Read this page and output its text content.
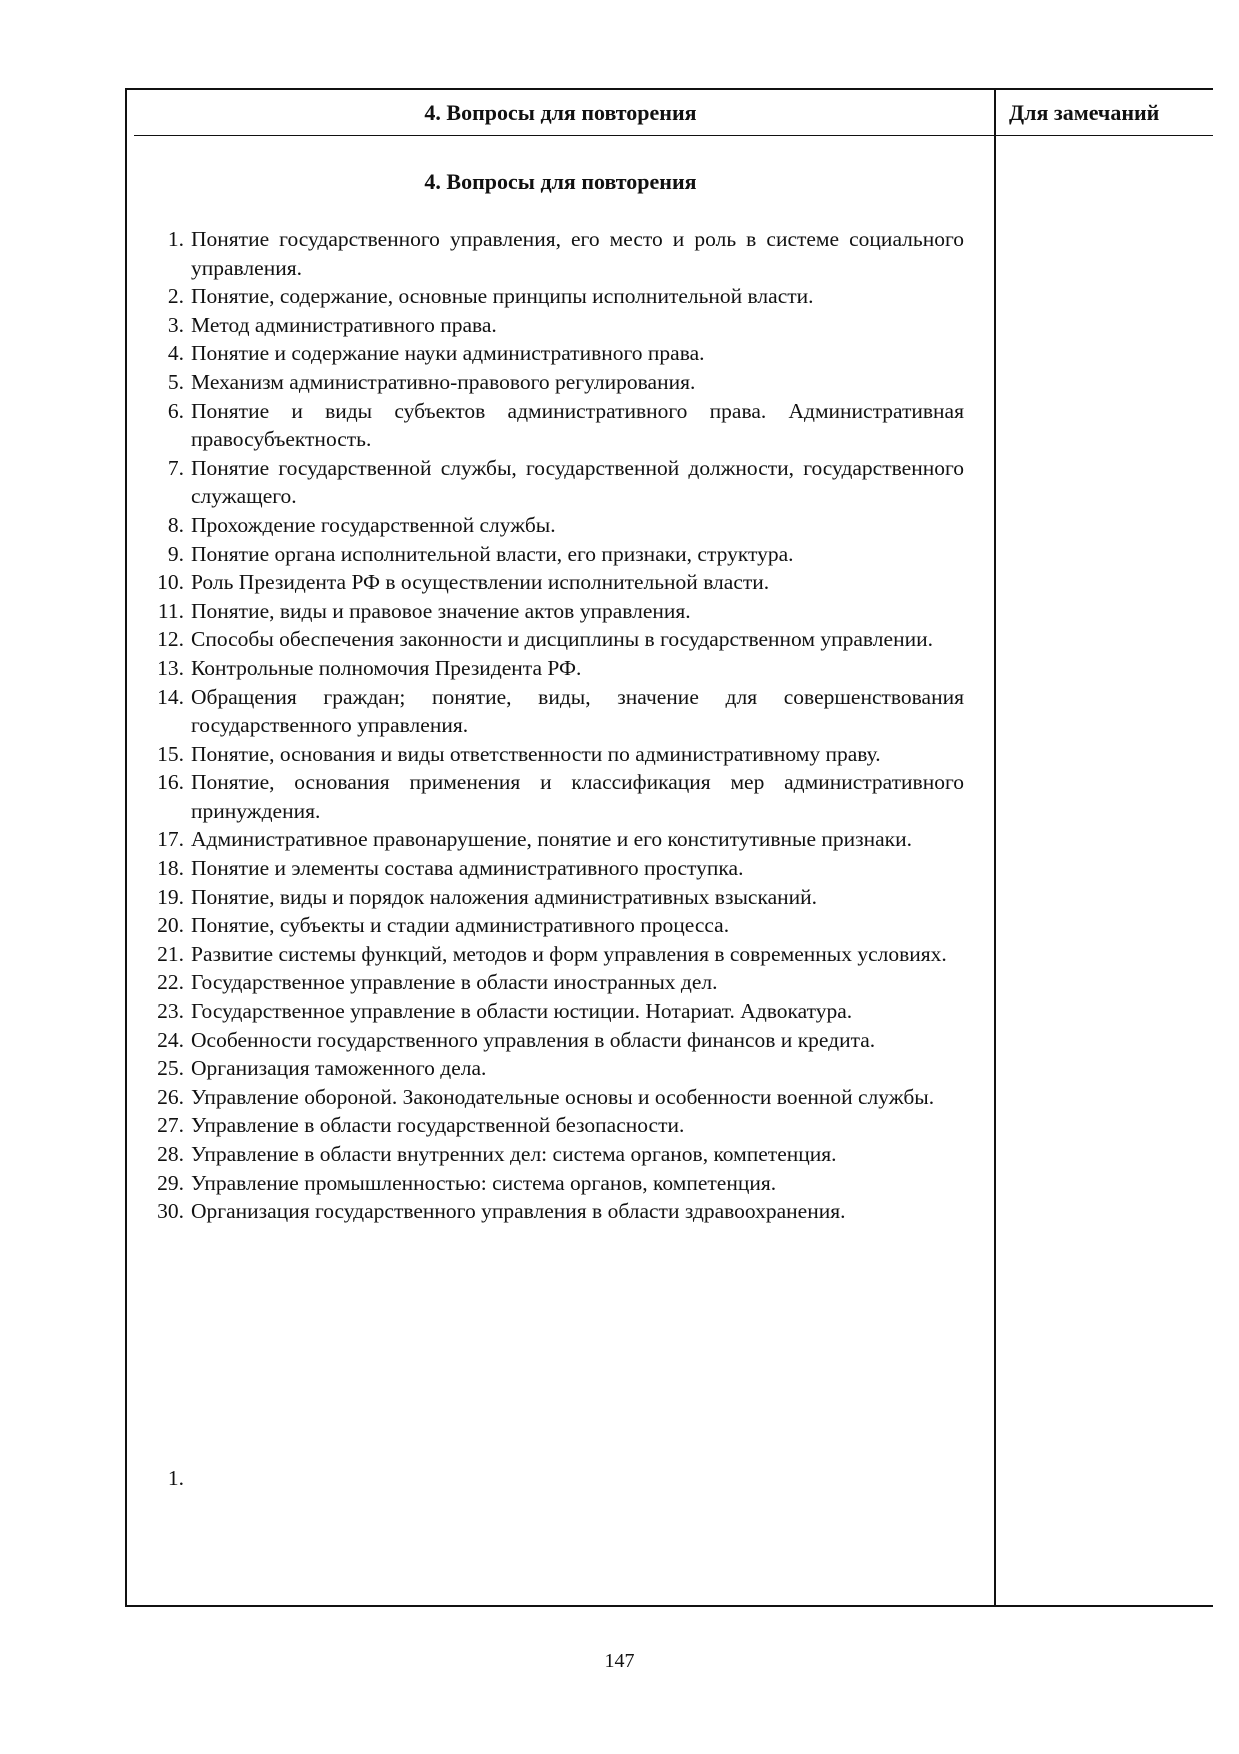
4. Вопросы для повторения	Для замечаний
4. Вопросы для повторения
1. Понятие государственного управления, его место и роль в системе социального управления.
2. Понятие, содержание, основные принципы исполнительной власти.
3. Метод административного права.
4. Понятие и содержание науки административного права.
5. Механизм административно-правового регулирования.
6. Понятие и виды субъектов административного права. Административная правосубъектность.
7. Понятие государственной службы, государственной должности, государственного служащего.
8. Прохождение государственной службы.
9. Понятие органа исполнительной власти, его признаки, структура.
10. Роль Президента РФ в осуществлении исполнительной власти.
11. Понятие, виды и правовое значение актов управления.
12. Способы обеспечения законности и дисциплины в государственном управлении.
13. Контрольные полномочия Президента РФ.
14. Обращения граждан; понятие, виды, значение для совершенствования государственного управления.
15. Понятие, основания и виды ответственности по административному праву.
16. Понятие, основания применения и классификация мер административного принуждения.
17. Административное правонарушение, понятие и его конститутивные признаки.
18. Понятие и элементы состава административного проступка.
19. Понятие, виды и порядок наложения административных взысканий.
20. Понятие, субъекты и стадии административного процесса.
21. Развитие системы функций, методов и форм управления в современных условиях.
22. Государственное управление в области иностранных дел.
23. Государственное управление в области юстиции. Нотариат. Адвокатура.
24. Особенности государственного управления в области финансов и кредита.
25. Организация таможенного дела.
26. Управление обороной. Законодательные основы и особенности военной службы.
27. Управление в области государственной безопасности.
28. Управление в области внутренних дел: система органов, компетенция.
29. Управление промышленностью: система органов, компетенция.
30. Организация государственного управления в области здравоохранения.
1.
147
